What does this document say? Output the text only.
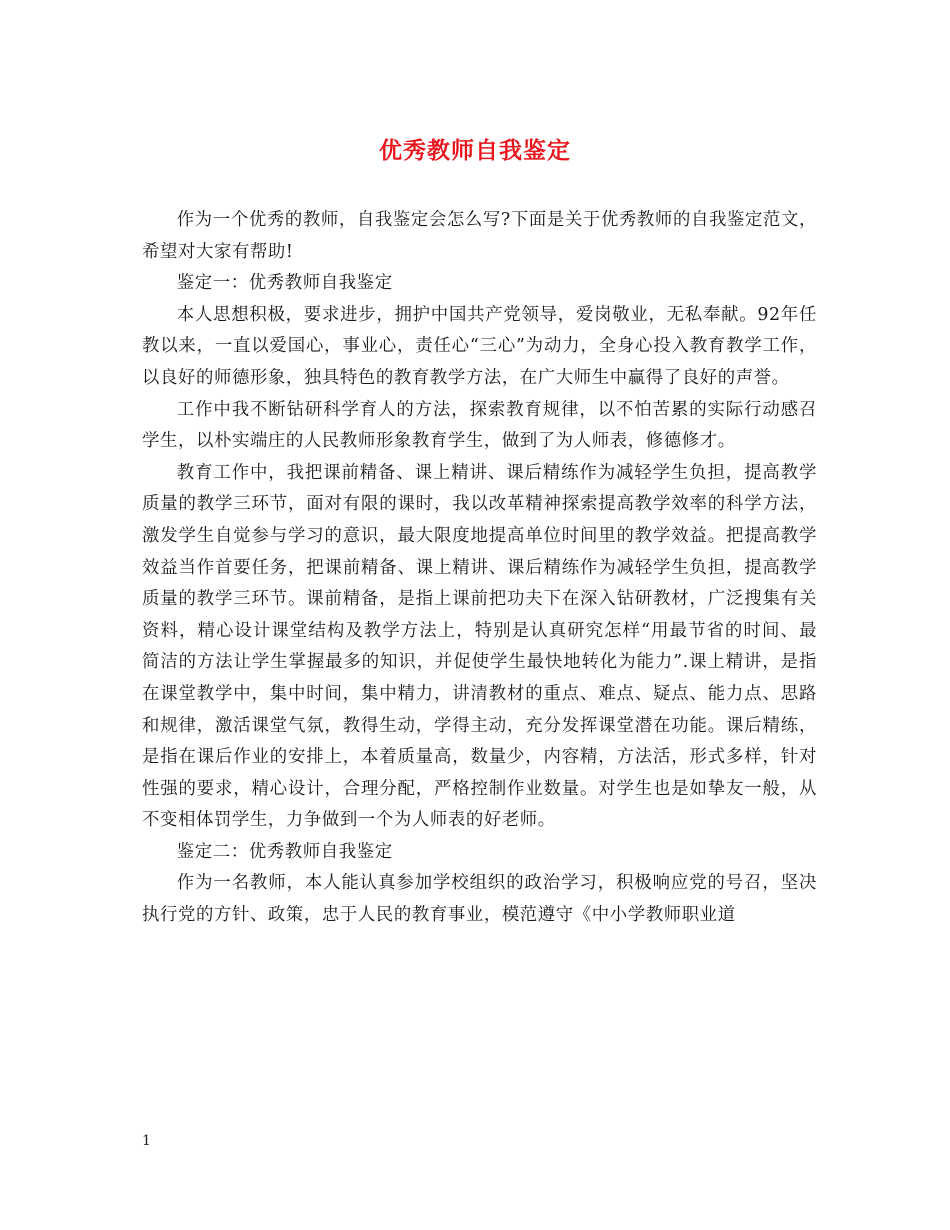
优秀教师自我鉴定

作为一个优秀的教师，自我鉴定会怎么写?下面是关于优秀教师的自我鉴定范文，希望对大家有帮助!

鉴定一：优秀教师自我鉴定

本人思想积极，要求进步，拥护中国共产党领导，爱岗敬业，无私奉献。92年任教以来，一直以爱国心，事业心，责任心“三心”为动力，全身心投入教育教学工作，以良好的师德形象，独具特色的教育教学方法，在广大师生中赢得了良好的声誉。

工作中我不断钻研科学育人的方法，探索教育规律，以不怕苦累的实际行动感召学生，以朴实端庄的人民教师形象教育学生，做到了为人师表，修德修才。

教育工作中，我把课前精备、课上精讲、课后精练作为减轻学生负担，提高教学质量的教学三环节，面对有限的课时，我以改革精神探索提高教学效率的科学方法，激发学生自觉参与学习的意识，最大限度地提高单位时间里的教学效益。把提高教学效益当作首要任务，把课前精备、课上精讲、课后精练作为减轻学生负担，提高教学质量的教学三环节。课前精备，是指上课前把功夫下在深入钻研教材，广泛搜集有关资料，精心设计课堂结构及教学方法上，特别是认真研究怎样“用最节省的时间、最简洁的方法让学生掌握最多的知识，并促使学生最快地转化为能力”.课上精讲，是指在课堂教学中，集中时间，集中精力，讲清教材的重点、难点、疑点、能力点、思路和规律，激活课堂气氛，教得生动，学得主动，充分发挥课堂潜在功能。课后精练，是指在课后作业的安排上，本着质量高，数量少，内容精，方法活，形式多样，针对性强的要求，精心设计，合理分配，严格控制作业数量。对学生也是如挚友一般，从不变相体罚学生，力争做到一个为人师表的好老师。

鉴定二：优秀教师自我鉴定

作为一名教师，本人能认真参加学校组织的政治学习，积极响应党的号召，坚决执行党的方针、政策，忠于人民的教育事业，模范遵守《中小学教师职业道

1
